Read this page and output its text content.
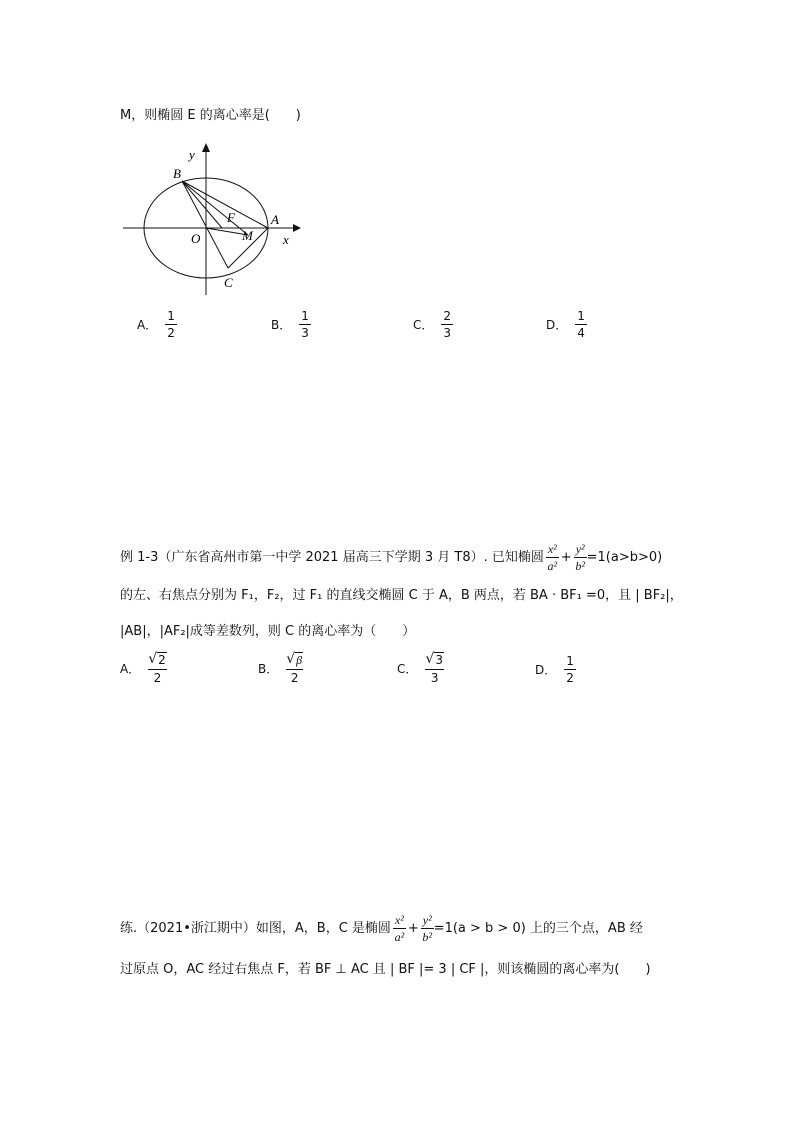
M，则椭圆 E 的离心率是(　　)
y
B
A
F
O	M x
C
A． $\frac{1}{2}$	B． $\frac{1}{3}$	C． $\frac{2}{3}$	D． $\frac{1}{4}$
例 1-3（广东省高州市第一中学 2021 届高三下学期 3 月 T8）. 已知椭圆 $\frac{\text{x²}}{\text{a²}} + \frac{\text{y²}}{\text{b²}} =1(a>b>0)$
的左、右焦点分别为 F₁，F₂，过 F₁ 的直线交椭圆 C 于 A，B 两点，若 BA · BF₁ =0，且 | BF₂|，
|AB|，|AF₂|成等差数列，则 C 的离心率为（　　）
A． $\frac{√ 2}{2}$	B． $\frac{√ \beta}{2}$	C． $\frac{√ 3}{3}$	D． $\frac{1}{2}$
练.（2021•浙江期中）如图，A，B，C 是椭圆 $\frac{\text{x²}}{\text{a²}} + \frac{\text{y²}}{\text{b²}} =1(a > b > 0)$ 上的三个点，AB 经
过原点 O，AC 经过右焦点 F，若 BF ⊥ AC 且 | BF |= 3 | CF |，则该椭圆的离心率为(　　)
